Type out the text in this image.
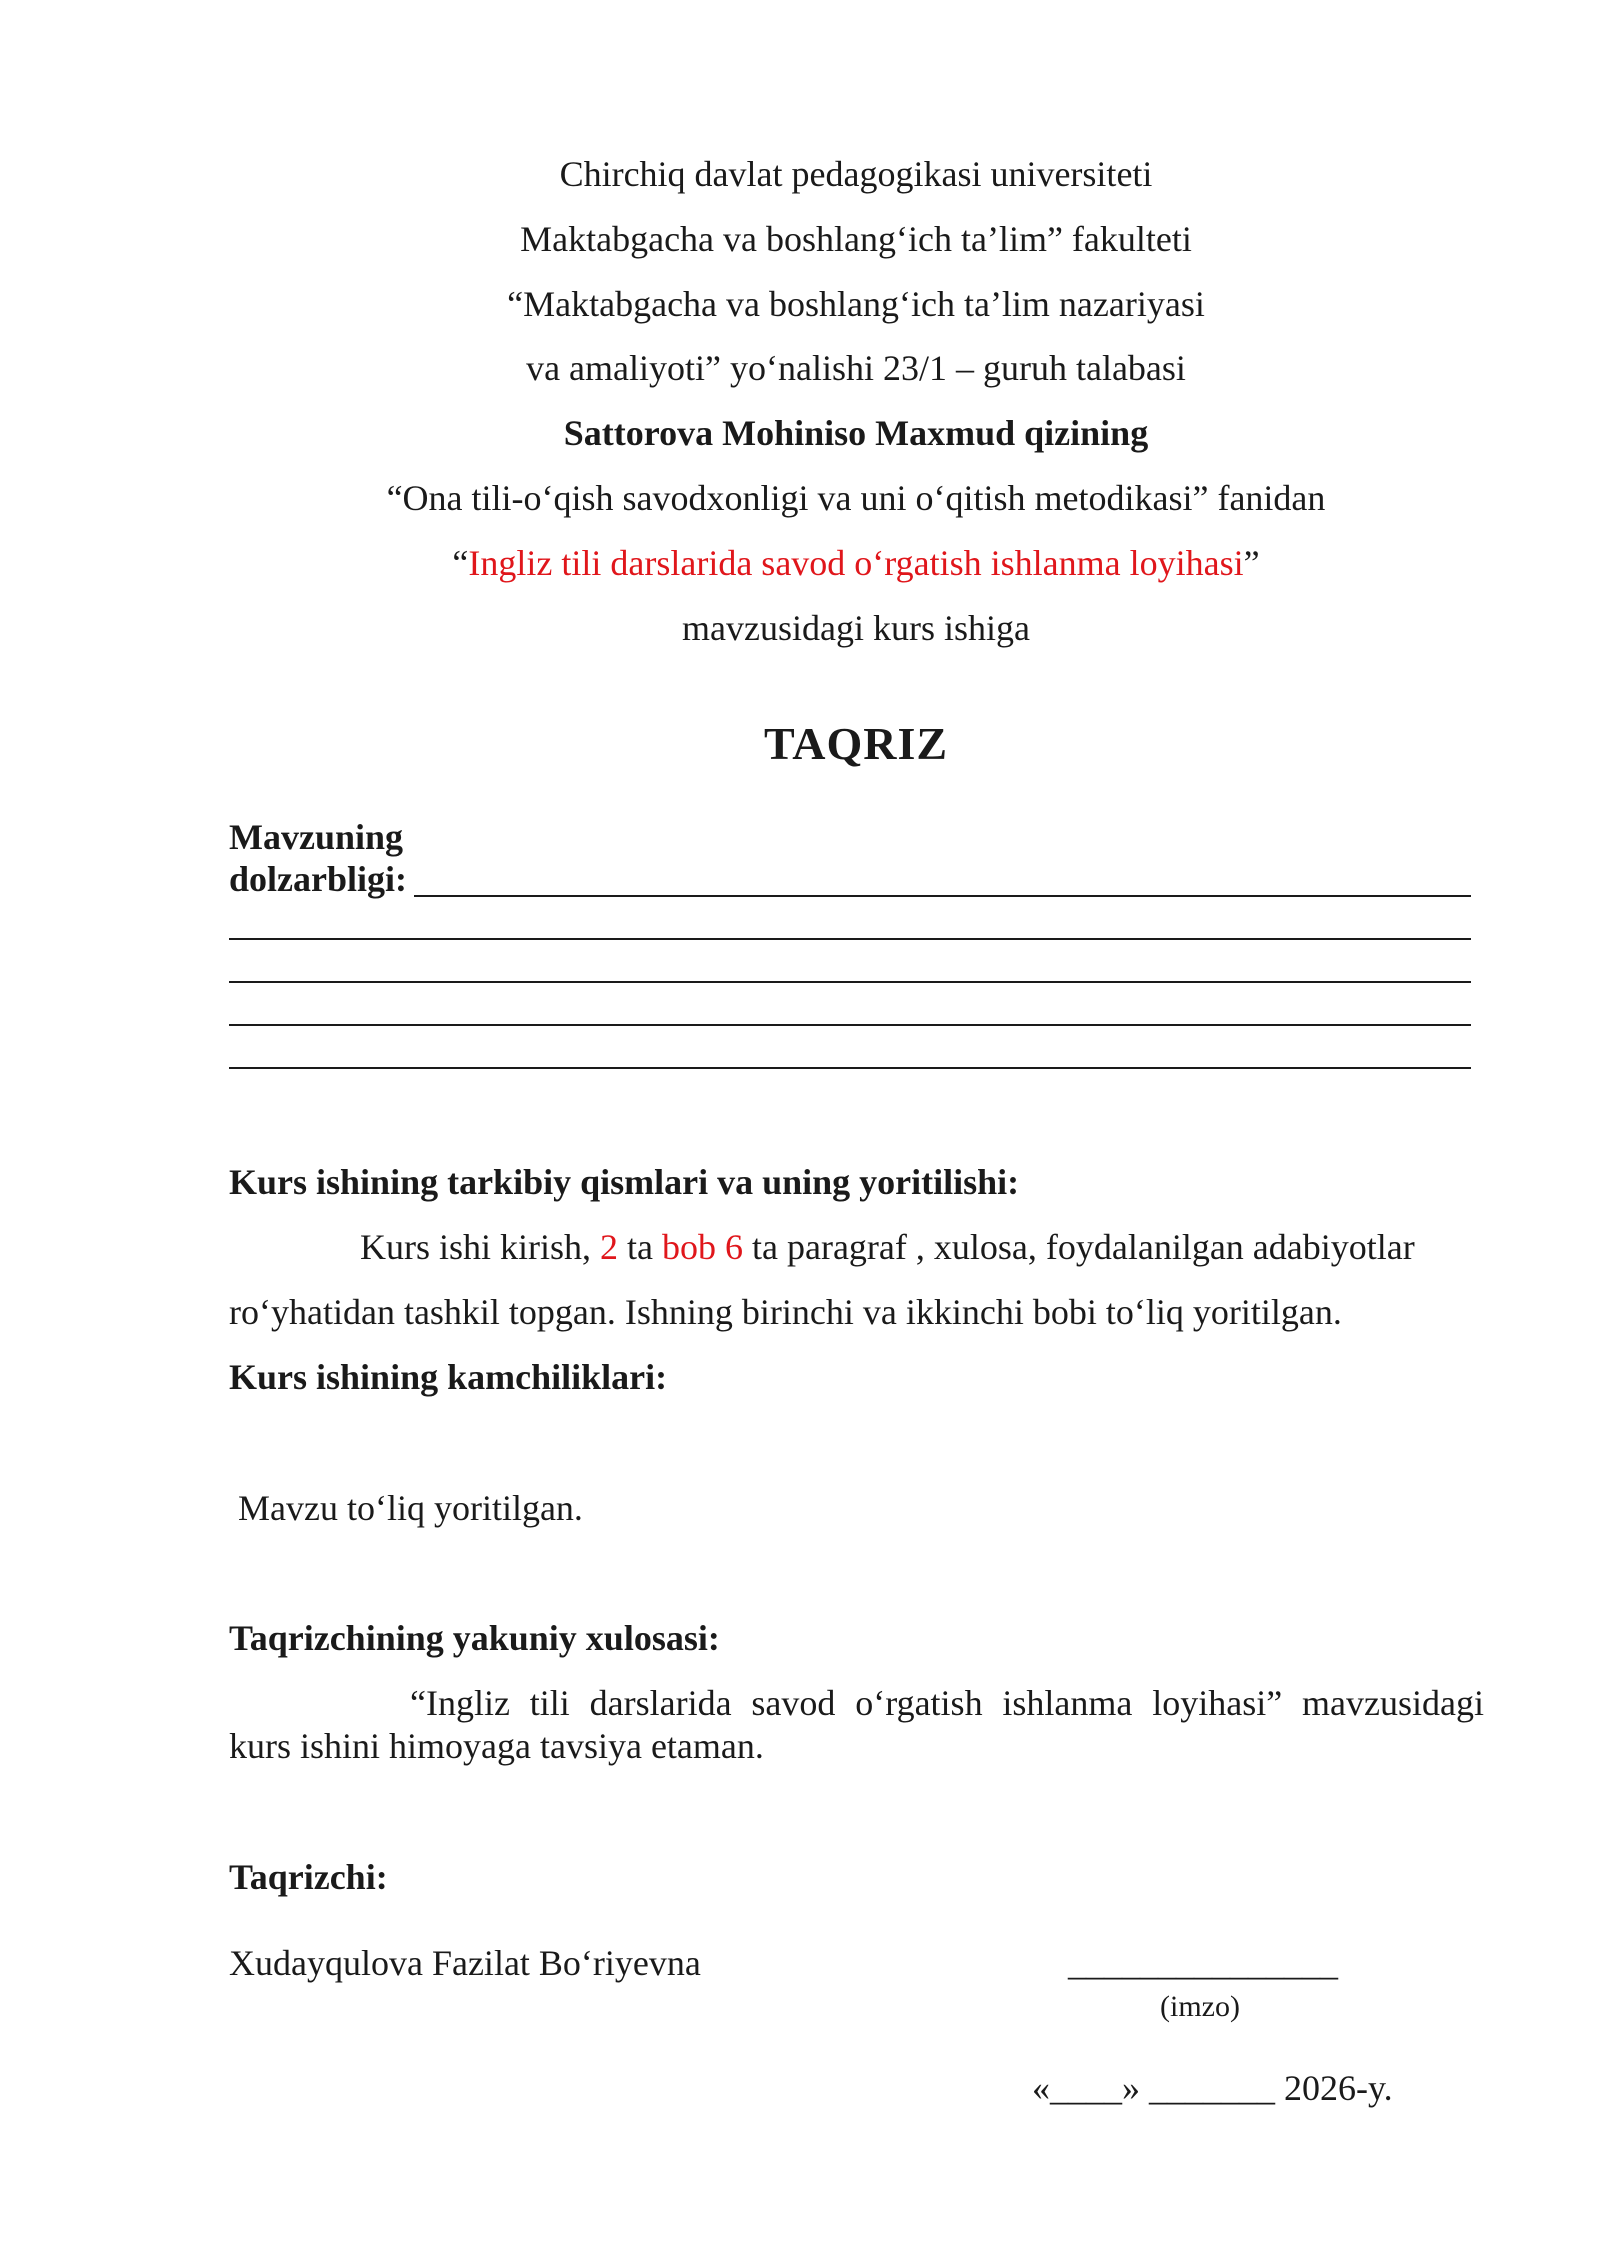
Chirchiq davlat pedagogikasi universiteti
Maktabgacha va boshlang‘ich ta’lim” fakulteti
“Maktabgacha va boshlang‘ich ta’lim nazariyasi
va amaliyoti” yo‘nalishi 23/1 – guruh talabasi
Sattorova Mohiniso Maxmud qizining
“Ona tili-o‘qish savodxonligi va uni o‘qitish metodikasi” fanidan
“Ingliz tili darslarida savod o‘rgatish ishlanma loyihasi”
mavzusidagi kurs ishiga
TAQRIZ
Mavzuning
dolzarbligi:
Kurs ishining tarkibiy qismlari va uning yoritilishi:
Kurs ishi kirish, 2 ta bob 6 ta paragraf , xulosa, foydalanilgan adabiyotlar
ro‘yhatidan tashkil topgan. Ishning birinchi va ikkinchi bobi to‘liq yoritilgan.
Kurs ishining kamchiliklari:
Mavzu to‘liq yoritilgan.
Taqrizchining yakuniy xulosasi:
“Ingliz tili darslarida savod o‘rgatish ishlanma loyihasi” mavzusidagi
kurs ishini himoyaga tavsiya etaman.
Taqrizchi:
Xudayqulova Fazilat Bo‘riyevna	_______________
(imzo)
«____» _______ 2026-y.
